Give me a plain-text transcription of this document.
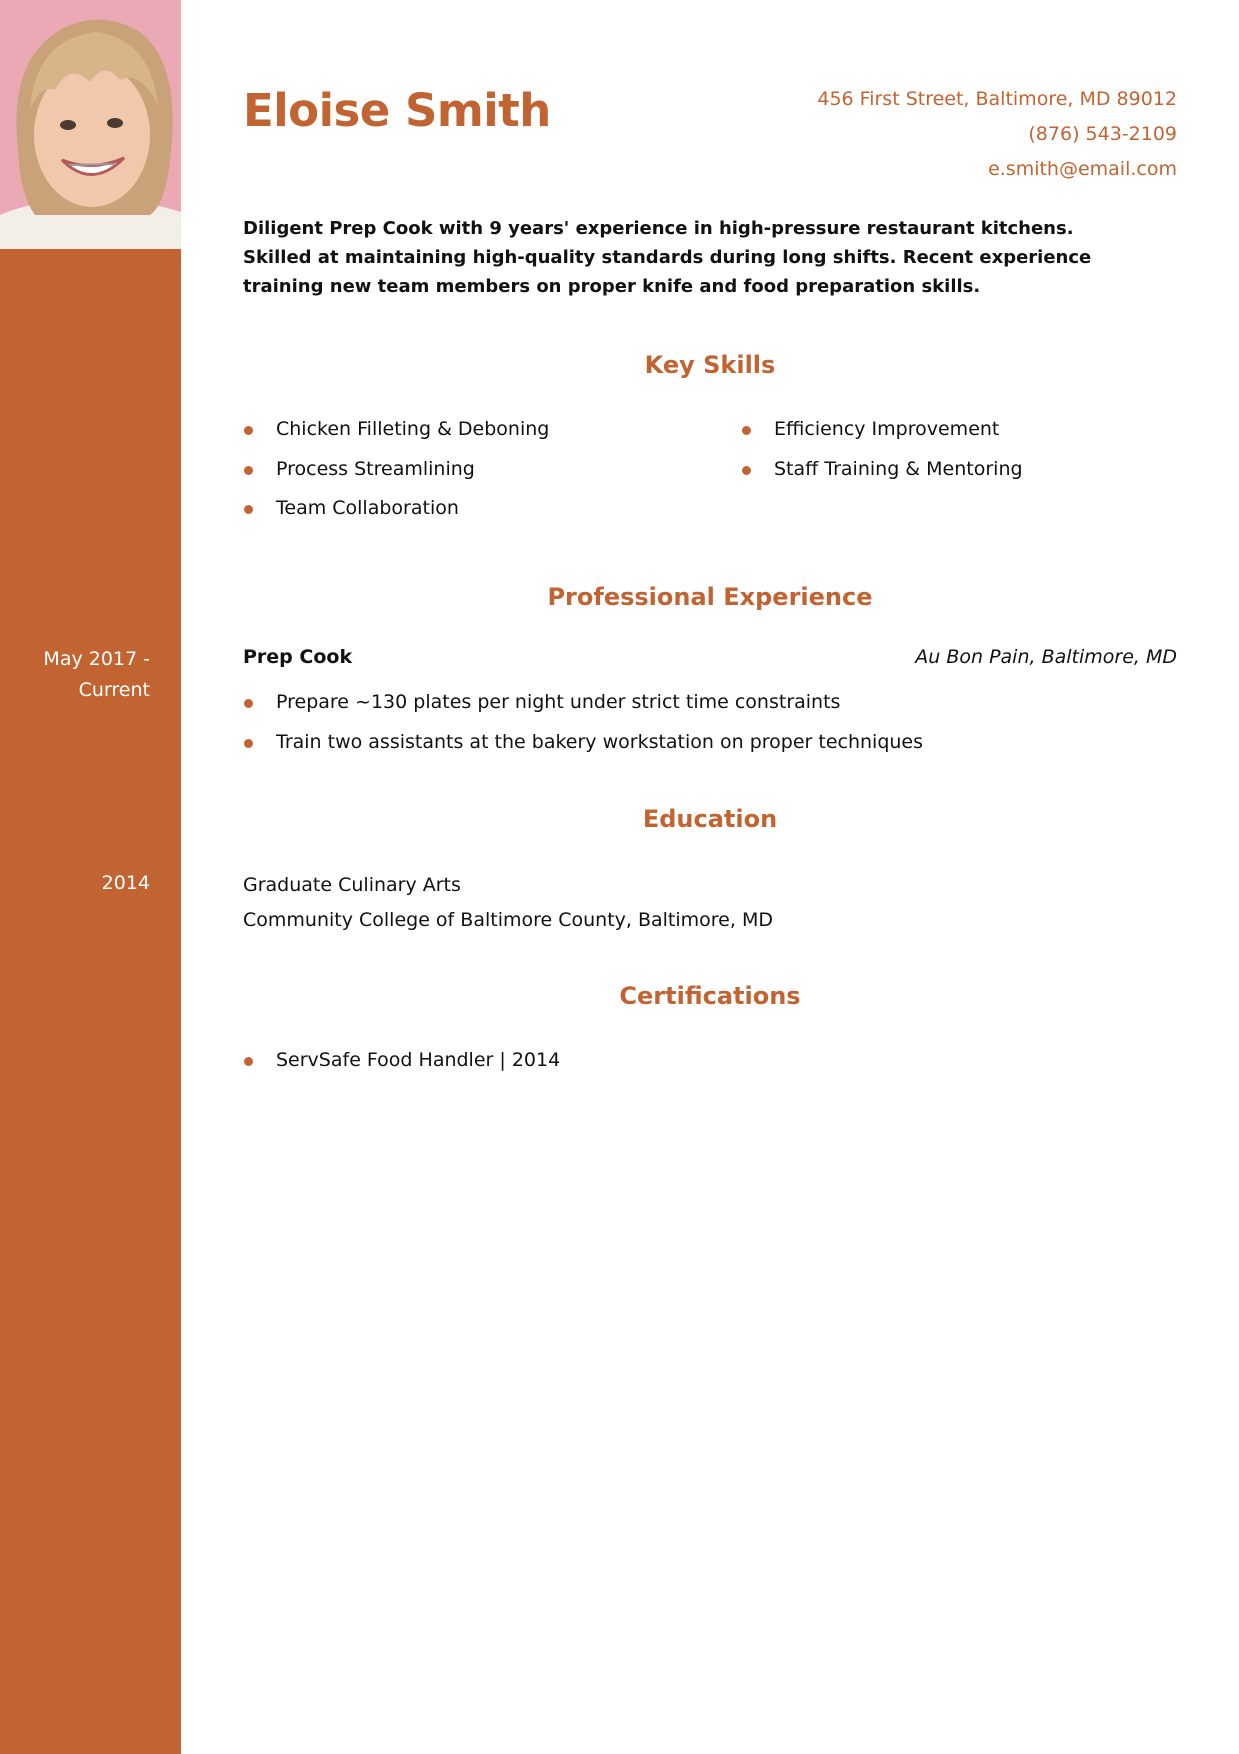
May 2017 -
Current
2014
Eloise Smith	456 First Street, Baltimore, MD 89012
(876) 543-2109
e.smith@email.com
Diligent Prep Cook with 9 years' experience in high-pressure restaurant kitchens. Skilled at maintaining high-quality standards during long shifts. Recent experience training new team members on proper knife and food preparation skills.
Key Skills
Chicken Filleting & Deboning
Process Streamlining
Team Collaboration
Efficiency Improvement
Staff Training & Mentoring
Professional Experience
Prep Cook	Au Bon Pain, Baltimore, MD
Prepare ~130 plates per night under strict time constraints
Train two assistants at the bakery workstation on proper techniques
Education
Graduate Culinary Arts
Community College of Baltimore County, Baltimore, MD
Certifications
ServSafe Food Handler | 2014
